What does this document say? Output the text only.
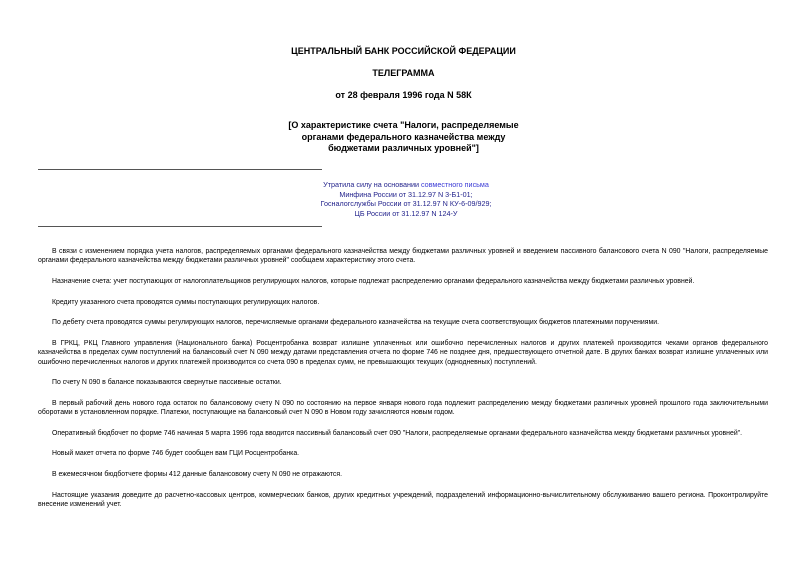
ЦЕНТРАЛЬНЫЙ БАНК РОССИЙСКОЙ ФЕДЕРАЦИИ
ТЕЛЕГРАММА
от 28 февраля 1996 года N 58К
[О характеристике счета "Налоги, распределяемые
органами федерального казначейства между
бюджетами различных уровней"]
Утратила силу на основании совместного письма
Минфина России от 31.12.97 N 3-Б1-01;
Госналогслужбы России от 31.12.97 N КУ-6-09/929;
ЦБ России от 31.12.97 N 124-У

В связи с изменением порядка учета налогов, распределяемых органами федерального казначейства между бюджетами различных уровней и введением пассивного балансового счета N 090 "Налоги, распределяемые органами федерального казначейства между бюджетами различных уровней" сообщаем характеристику этого счета.

Назначение счета: учет поступающих от налогоплательщиков регулирующих налогов, которые подлежат распределению органами федерального казначейства между бюджетами различных уровней.

Кредиту указанного счета проводятся суммы поступающих регулирующих налогов.

По дебету счета проводятся суммы регулирующих налогов, перечисляемые органами федерального казначейства на текущие счета соответствующих бюджетов платежными поручениями.

В ГРКЦ, РКЦ Главного управления (Национального банка) Росцентробанка возврат излишне уплаченных или ошибочно перечисленных налогов и других платежей производится чеками органов федерального казначейства в пределах сумм поступлений на балансовый счет N 090 между датами представления отчета по форме 746 не позднее дня, предшествующего отчетной дате. В других банках возврат излишне уплаченных или ошибочно перечисленных налогов и других платежей производится со счета 090 в пределах сумм, не превышающих текущих (однодневных) поступлений.

По счету N 090 в балансе показываются свернутые пассивные остатки.

В первый рабочий день нового года остаток по балансовому счету N 090 по состоянию на первое января нового года подлежит распределению между бюджетами различных уровней прошлого года заключительными оборотами в установленном порядке. Платежи, поступающие на балансовый счет N 090 в Новом году зачисляются новым годом.

Оперативный бюдбочет по форме 746 начиная 5 марта 1996 года вводится пассивный балансовый счет 090 "Налоги, распределяемые органами федерального казначейства между бюджетами различных уровней".

Новый макет отчета по форме 746 будет сообщен вам ГЦИ Росцентробанка.

В ежемесячном бюдботчете формы 412 данные балансовому счету N 090 не отражаются.

Настоящие указания доведите до расчетно-кассовых центров, коммерческих банков, других кредитных учреждений, подразделений информационно-вычислительному обслуживанию вашего региона. Проконтролируйте внесение изменений учет.
